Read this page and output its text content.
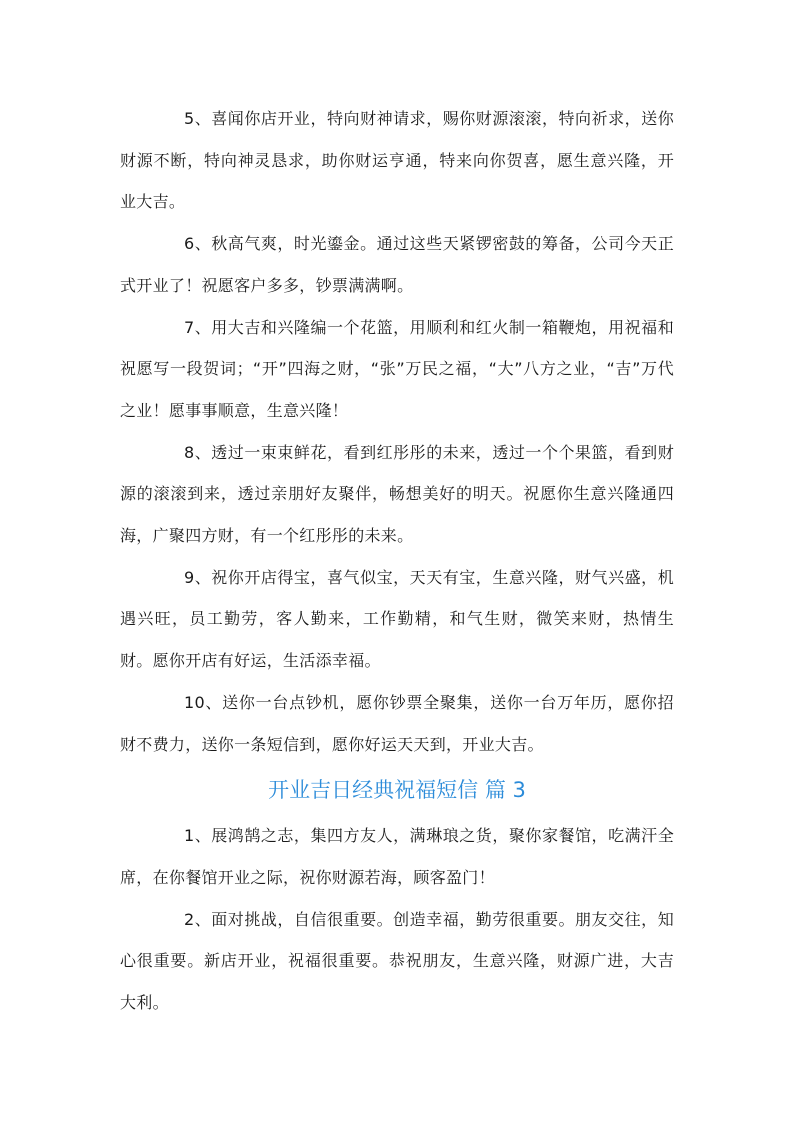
5、喜闻你店开业，特向财神请求，赐你财源滚滚，特向祈求，送你财源不断，特向神灵恳求，助你财运亨通，特来向你贺喜，愿生意兴隆，开业大吉。

6、秋高气爽，时光鎏金。通过这些天紧锣密鼓的筹备，公司今天正式开业了！祝愿客户多多，钞票满满啊。

7、用大吉和兴隆编一个花篮，用顺利和红火制一箱鞭炮，用祝福和祝愿写一段贺词；“开”四海之财，“张”万民之福，“大”八方之业，“吉”万代之业！愿事事顺意，生意兴隆！

8、透过一束束鲜花，看到红彤彤的未来，透过一个个果篮，看到财源的滚滚到来，透过亲朋好友聚伴，畅想美好的明天。祝愿你生意兴隆通四海，广聚四方财，有一个红彤彤的未来。

9、祝你开店得宝，喜气似宝，天天有宝，生意兴隆，财气兴盛，机遇兴旺，员工勤劳，客人勤来，工作勤精，和气生财，微笑来财，热情生财。愿你开店有好运，生活添幸福。

10、送你一台点钞机，愿你钞票全聚集，送你一台万年历，愿你招财不费力，送你一条短信到，愿你好运天天到，开业大吉。

开业吉日经典祝福短信 篇 3

1、展鸿鹄之志，集四方友人，满琳琅之货，聚你家餐馆，吃满汗全席，在你餐馆开业之际，祝你财源若海，顾客盈门！

2、面对挑战，自信很重要。创造幸福，勤劳很重要。朋友交往，知心很重要。新店开业，祝福很重要。恭祝朋友，生意兴隆，财源广进，大吉大利。
